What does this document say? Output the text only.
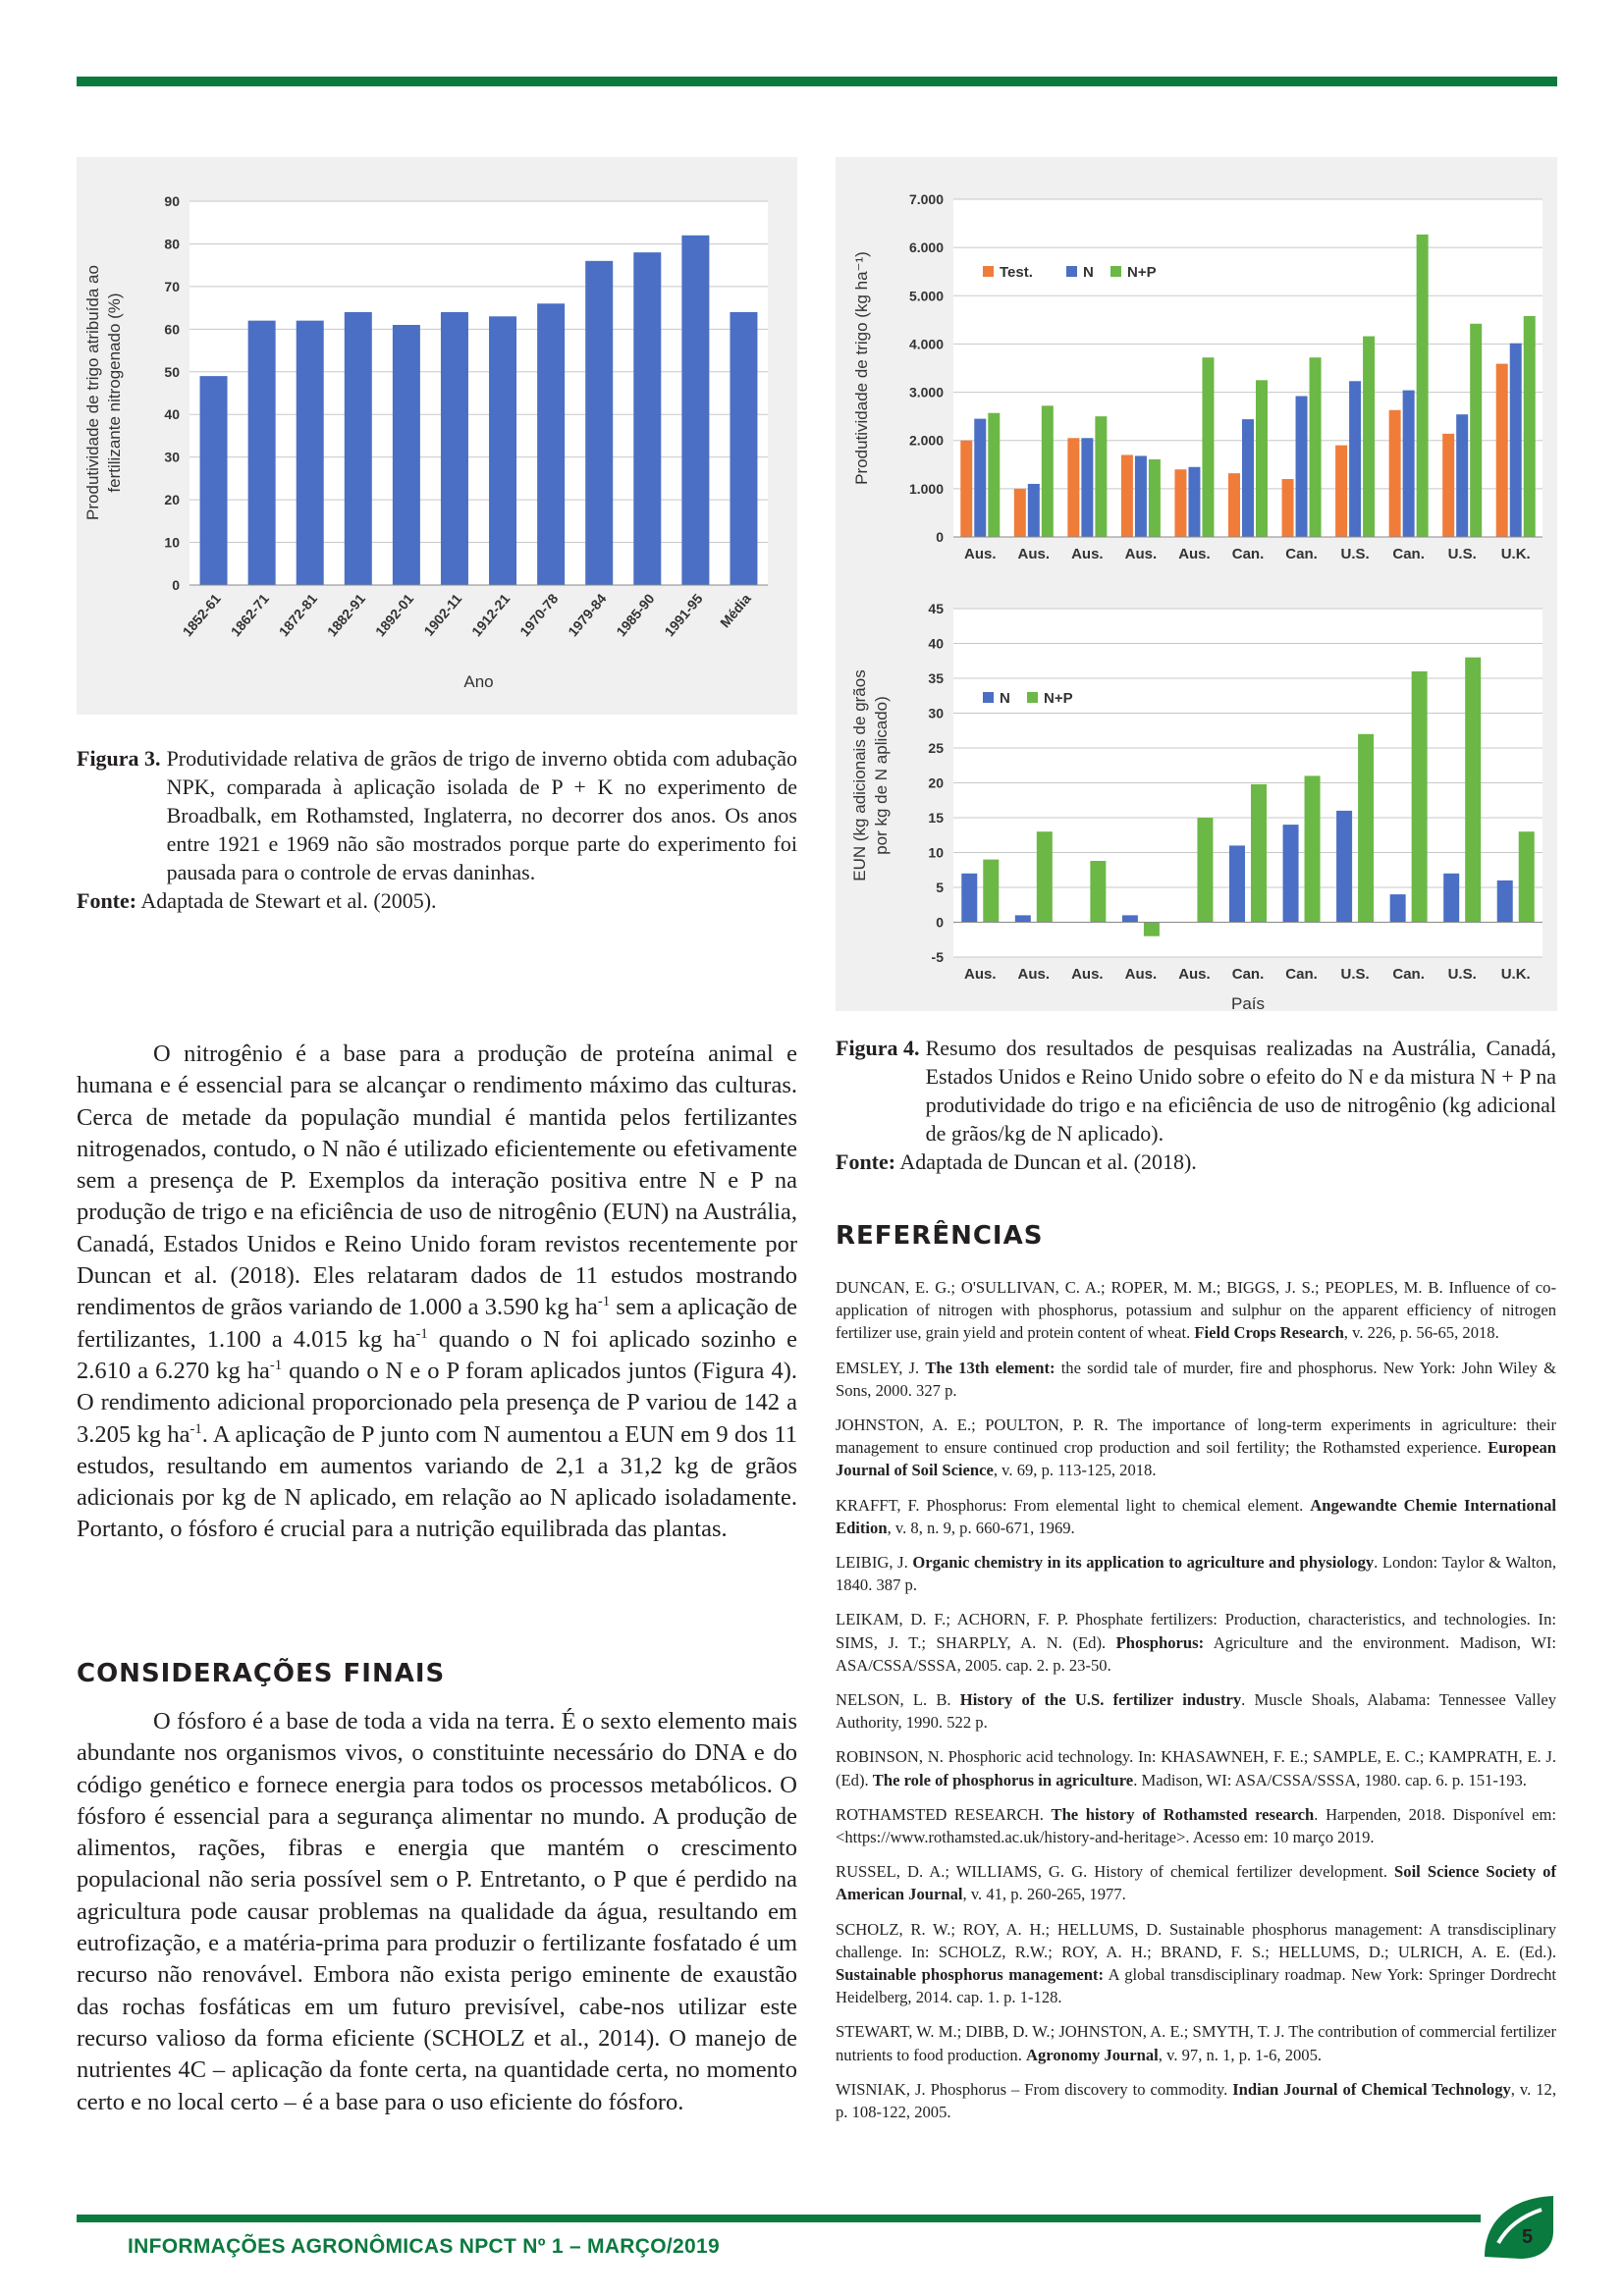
0
10
20
30
40
50
60
70
80
90
1852-61 1862-71 1872-81 1882-91 1892-01 1902-11 1912-21 1970-78 1979-84 1985-90 1991-95 Média
Produtividade de trigo atribuída ao fertilizante nitrogenado (%)
Ano
Figura 3. Produtividade relativa de grãos de trigo de inverno obtida com adubação NPK, comparada à aplicação isolada de P + K no experimento de Broadbalk, em Rothamsted, Inglaterra, no decorrer dos anos. Os anos entre 1921 e 1969 não são mostrados porque parte do experimento foi pausada para o controle de ervas daninhas.
Fonte: Adaptada de Stewart et al. (2005).
0
1.000
2.000
3.000
4.000
5.000
6.000
7.000
Aus. Aus. Aus. Aus. Aus. Can. Can. U.S. Can. U.S. U.K.
Produtividade de trigo (kg ha⁻¹)	Test.	N N+P
-5
0
5
10
15
20
25
30
35
40
45
Aus. Aus. Aus. Aus. Aus. Can. Can. U.S. Can. U.S. U.K.
EUN (kg adicionais de grãos por kg de N aplicado)
País
N N+P
Figura 4. Resumo dos resultados de pesquisas realizadas na Austrália, Canadá, Estados Unidos e Reino Unido sobre o efeito do N e da mistura N + P na produtividade do trigo e na eficiência de uso de nitrogênio (kg adicional de grãos/kg de N aplicado).
Fonte: Adaptada de Duncan et al. (2018).

O nitrogênio é a base para a produção de proteína animal e humana e é essencial para se alcançar o rendimento máximo das culturas. Cerca de metade da população mundial é mantida pelos fertilizantes nitrogenados, contudo, o N não é utilizado eficientemente ou efetivamente sem a presença de P. Exemplos da interação positiva entre N e P na produção de trigo e na eficiência de uso de nitrogênio (EUN) na Austrália, Canadá, Estados Unidos e Reino Unido foram revistos recentemente por Duncan et al. (2018). Eles relataram dados de 11 estudos mostrando rendimentos de grãos variando de 1.000 a 3.590 kg $ha^{-1}$ sem a aplicação de fertilizantes, 1.100 a 4.015 kg $ha^{-1}$ quando o N foi aplicado sozinho e 2.610 a 6.270 kg $ha^{-1}$ quando o N e o P foram aplicados juntos (Figura 4). O rendimento adicional proporcionado pela presença de P variou de 142 a 3.205 kg $ha^{-1}$. A aplicação de P junto com N aumentou a EUN em 9 dos 11 estudos, resultando em aumentos variando de 2,1 a 31,2 kg de grãos adicionais por kg de N aplicado, em relação ao N aplicado isoladamente. Portanto, o fósforo é crucial para a nutrição equilibrada das plantas.

CONSIDERAÇÕES FINAIS

O fósforo é a base de toda a vida na terra. É o sexto elemento mais abundante nos organismos vivos, o constituinte necessário do DNA e do código genético e fornece energia para todos os processos metabólicos. O fósforo é essencial para a segurança alimentar no mundo. A produção de alimentos, rações, fibras e energia que mantém o crescimento populacional não seria possível sem o P. Entretanto, o P que é perdido na agricultura pode causar problemas na qualidade da água, resultando em eutrofização, e a matéria-prima para produzir o fertilizante fosfatado é um recurso não renovável. Embora não exista perigo eminente de exaustão das rochas fosfáticas em um futuro previsível, cabe-nos utilizar este recurso valioso da forma eficiente (SCHOLZ et al., 2014). O manejo de nutrientes 4C – aplicação da fonte certa, na quantidade certa, no momento certo e no local certo – é a base para o uso eficiente do fósforo.

REFERÊNCIAS
DUNCAN, E. G.; O'SULLIVAN, C. A.; ROPER, M. M.; BIGGS, J. S.; PEOPLES, M. B. Influence of co-application of nitrogen with phosphorus, potassium and sulphur on the apparent efficiency of nitrogen fertilizer use, grain yield and protein content of wheat. Field Crops Research, v. 226, p. 56-65, 2018.
EMSLEY, J. The 13th element: the sordid tale of murder, fire and phosphorus. New York: John Wiley & Sons, 2000. 327 p.
JOHNSTON, A. E.; POULTON, P. R. The importance of long-term experiments in agriculture: their management to ensure continued crop production and soil fertility; the Rothamsted experience. European Journal of Soil Science, v. 69, p. 113-125, 2018.
KRAFFT, F. Phosphorus: From elemental light to chemical element. Angewandte Chemie International Edition, v. 8, n. 9, p. 660-671, 1969.
LEIBIG, J. Organic chemistry in its application to agriculture and physiology. London: Taylor & Walton, 1840. 387 p.
LEIKAM, D. F.; ACHORN, F. P. Phosphate fertilizers: Production, characteristics, and technologies. In: SIMS, J. T.; SHARPLY, A. N. (Ed). Phosphorus: Agriculture and the environment. Madison, WI: ASA/CSSA/SSSA, 2005. cap. 2. p. 23-50.
NELSON, L. B. History of the U.S. fertilizer industry. Muscle Shoals, Alabama: Tennessee Valley Authority, 1990. 522 p.
ROBINSON, N. Phosphoric acid technology. In: KHASAWNEH, F. E.; SAMPLE, E. C.; KAMPRATH, E. J. (Ed). The role of phosphorus in agriculture. Madison, WI: ASA/CSSA/SSSA, 1980. cap. 6. p. 151-193.
ROTHAMSTED RESEARCH. The history of Rothamsted research. Harpenden, 2018. Disponível em: <https://www.rothamsted.ac.uk/history-and-heritage>. Acesso em: 10 março 2019.
RUSSEL, D. A.; WILLIAMS, G. G. History of chemical fertilizer development. Soil Science Society of American Journal, v. 41, p. 260-265, 1977.
SCHOLZ, R. W.; ROY, A. H.; HELLUMS, D. Sustainable phosphorus management: A transdisciplinary challenge. In: SCHOLZ, R.W.; ROY, A. H.; BRAND, F. S.; HELLUMS, D.; ULRICH, A. E. (Ed.). Sustainable phosphorus management: A global transdisciplinary roadmap. New York: Springer Dordrecht Heidelberg, 2014. cap. 1. p. 1-128.
STEWART, W. M.; DIBB, D. W.; JOHNSTON, A. E.; SMYTH, T. J. The contribution of commercial fertilizer nutrients to food production. Agronomy Journal, v. 97, n. 1, p. 1-6, 2005.
WISNIAK, J. Phosphorus – From discovery to commodity. Indian Journal of Chemical Technology, v. 12, p. 108-122, 2005.
5
INFORMAÇÕES AGRONÔMICAS NPCT Nº 1 – MARÇO/2019
